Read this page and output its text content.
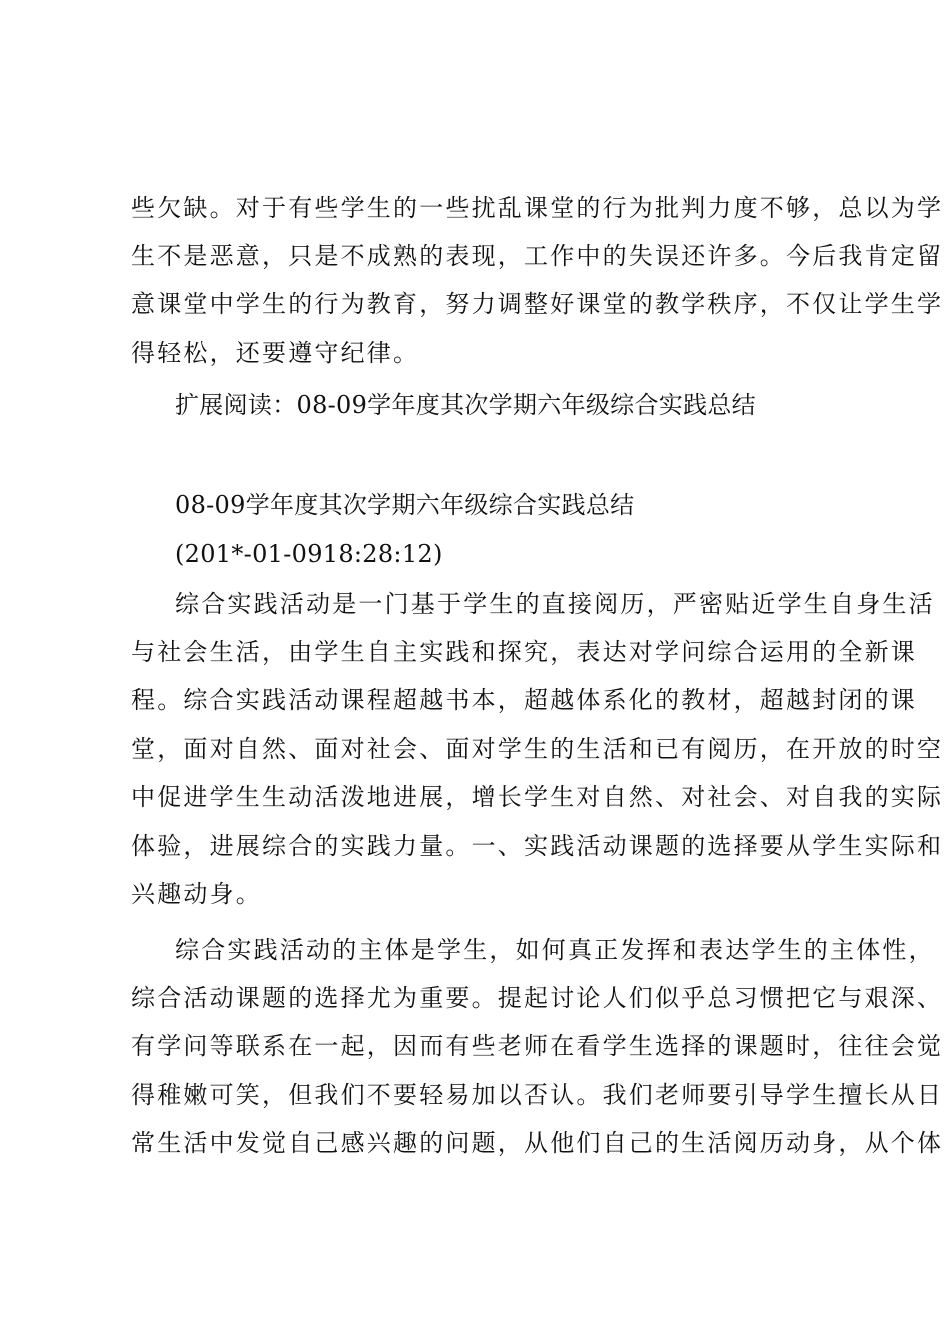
些欠缺。对于有些学生的一些扰乱课堂的行为批判力度不够，总以为学
生不是恶意，只是不成熟的表现，工作中的失误还许多。今后我肯定留
意课堂中学生的行为教育，努力调整好课堂的教学秩序，不仅让学生学
得轻松，还要遵守纪律。
扩展阅读：08-09学年度其次学期六年级综合实践总结
08-09学年度其次学期六年级综合实践总结
(201*-01-0918:28:12)
综合实践活动是一门基于学生的直接阅历，严密贴近学生自身生活
与社会生活，由学生自主实践和探究，表达对学问综合运用的全新课
程。综合实践活动课程超越书本，超越体系化的教材，超越封闭的课
堂，面对自然、面对社会、面对学生的生活和已有阅历，在开放的时空
中促进学生生动活泼地进展，增长学生对自然、对社会、对自我的实际
体验，进展综合的实践力量。一、实践活动课题的选择要从学生实际和
兴趣动身。
综合实践活动的主体是学生，如何真正发挥和表达学生的主体性，
综合活动课题的选择尤为重要。提起讨论人们似乎总习惯把它与艰深、
有学问等联系在一起，因而有些老师在看学生选择的课题时，往往会觉
得稚嫩可笑，但我们不要轻易加以否认。我们老师要引导学生擅长从日
常生活中发觉自己感兴趣的问题，从他们自己的生活阅历动身，从个体
